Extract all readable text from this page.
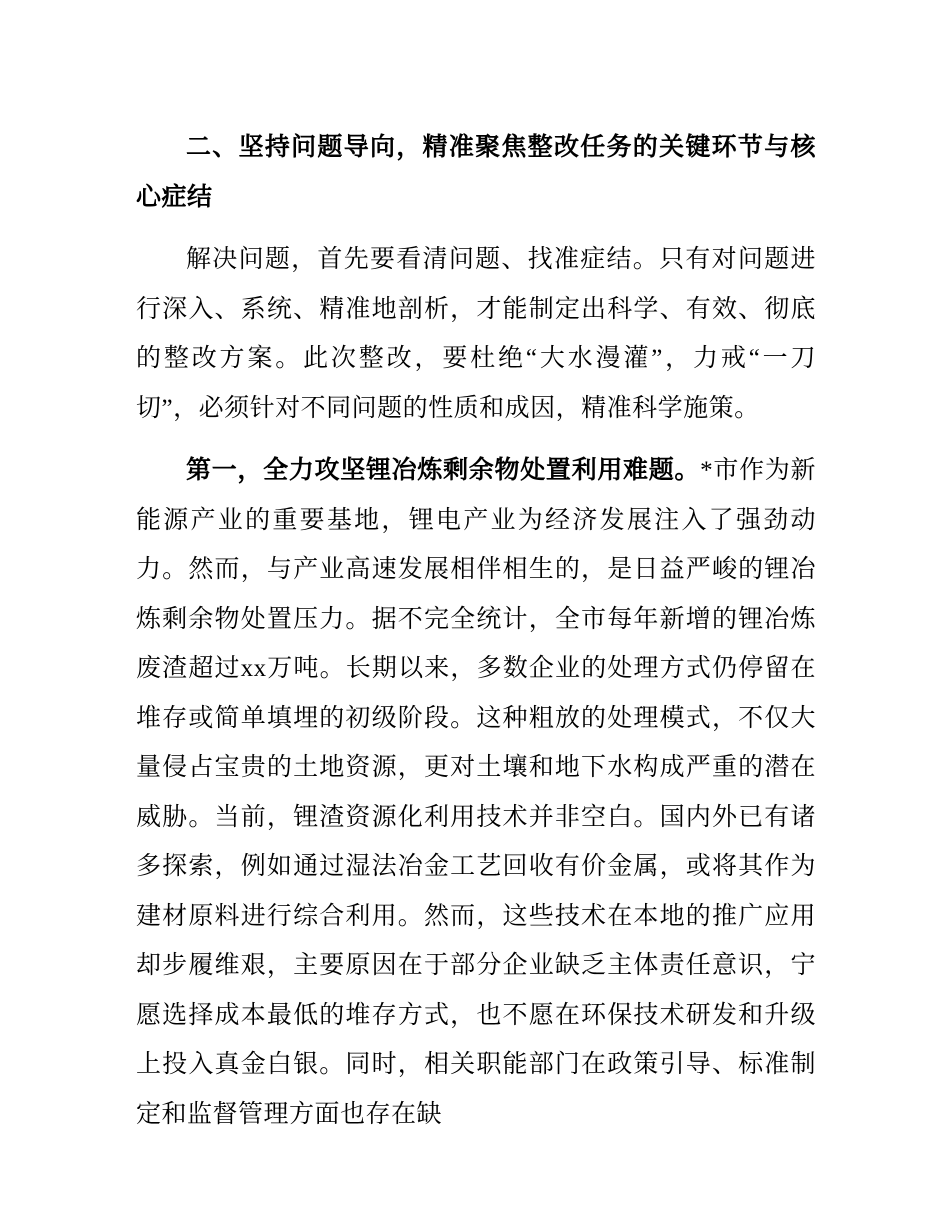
二、坚持问题导向，精准聚焦整改任务的关键环节与核心症结

解决问题，首先要看清问题、找准症结。只有对问题进行深入、系统、精准地剖析，才能制定出科学、有效、彻底的整改方案。此次整改，要杜绝“大水漫灌”，力戒“一刀切”，必须针对不同问题的性质和成因，精准科学施策。

第一，全力攻坚锂冶炼剩余物处置利用难题。*市作为新能源产业的重要基地，锂电产业为经济发展注入了强劲动力。然而，与产业高速发展相伴相生的，是日益严峻的锂冶炼剩余物处置压力。据不完全统计，全市每年新增的锂冶炼废渣超过xx万吨。长期以来，多数企业的处理方式仍停留在堆存或简单填埋的初级阶段。这种粗放的处理模式，不仅大量侵占宝贵的土地资源，更对土壤和地下水构成严重的潜在威胁。当前，锂渣资源化利用技术并非空白。国内外已有诸多探索，例如通过湿法冶金工艺回收有价金属，或将其作为建材原料进行综合利用。然而，这些技术在本地的推广应用却步履维艰，主要原因在于部分企业缺乏主体责任意识，宁愿选择成本最低的堆存方式，也不愿在环保技术研发和升级上投入真金白银。同时，相关职能部门在政策引导、标准制定和监督管理方面也存在缺
